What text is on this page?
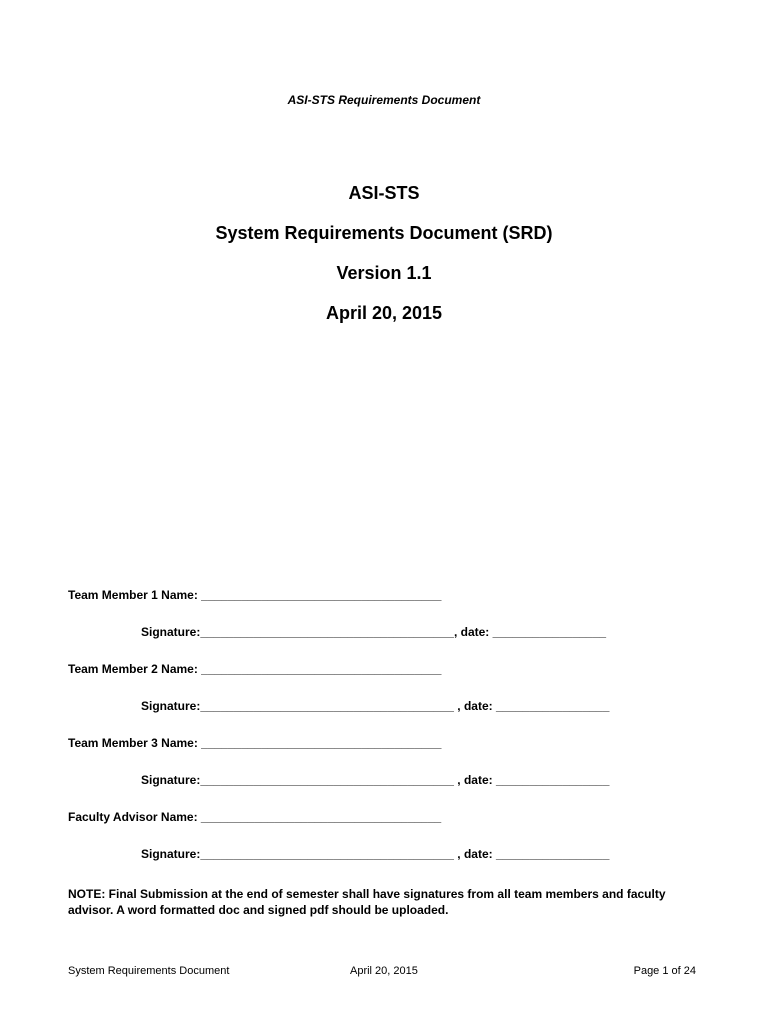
ASI-STS Requirements Document
ASI-STS
System Requirements Document (SRD)
Version 1.1
April 20, 2015
Team Member 1 Name: ____________________________________
Signature:______________________________________, date: _________________
Team Member 2 Name: ____________________________________
Signature:______________________________________ , date: _________________
Team Member 3 Name: ____________________________________
Signature:______________________________________ , date: _________________
Faculty Advisor Name: ____________________________________
Signature:______________________________________ , date: _________________
NOTE: Final Submission at the end of semester shall have signatures from all team members and faculty advisor. A word formatted doc and signed pdf should be uploaded.
System Requirements Document	April 20, 2015	Page 1 of 24
